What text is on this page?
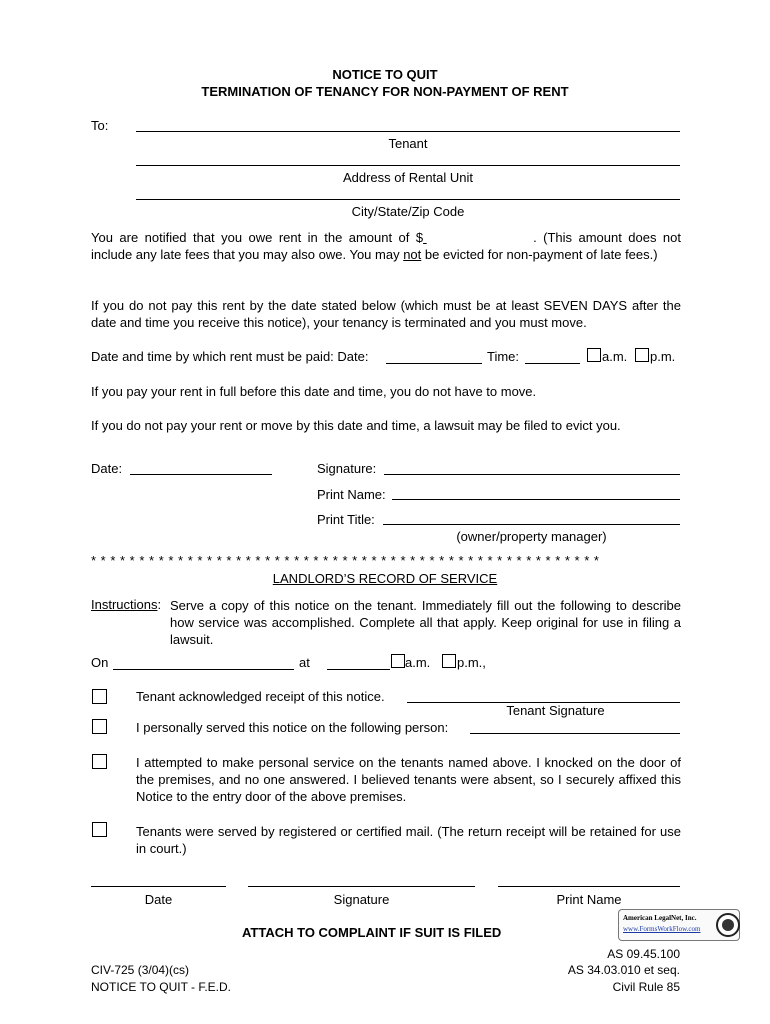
NOTICE TO QUIT
TERMINATION OF TENANCY FOR NON-PAYMENT OF RENT
To:
Tenant
Address of Rental Unit
City/State/Zip Code
You are notified that you owe rent in the amount of $	. (This amount does not include any late fees that you may also owe. You may not be evicted for non-payment of late fees.)
If you do not pay this rent by the date stated below (which must be at least SEVEN DAYS after the date and time you receive this notice), your tenancy is terminated and you must move.
Date and time by which rent must be paid: Date:	Time:	a.m. p.m.
If you pay your rent in full before this date and time, you do not have to move.
If you do not pay your rent or move by this date and time, a lawsuit may be filed to evict you.
Date:	Signature:
Print Name:
Print Title:
(owner/property manager)
* * * * * * * * * * * * * * * * * * * * * * * * * * * * * * * * * * * * * * * * * * * * * * * * * * * * *
LANDLORD’S RECORD OF SERVICE
Instructions: Serve a copy of this notice on the tenant. Immediately fill out the following to describe how service was accomplished. Complete all that apply. Keep original for use in filing a lawsuit.
On	at	a.m. p.m.,
Tenant acknowledged receipt of this notice.
Tenant Signature
I personally served this notice on the following person:
I attempted to make personal service on the tenants named above. I knocked on the door of the premises, and no one answered. I believed tenants were absent, so I securely affixed this Notice to the entry door of the above premises.
Tenants were served by registered or certified mail. (The return receipt will be retained for use in court.)
Date	Signature	Print Name
ATTACH TO COMPLAINT IF SUIT IS FILED
American LegalNet, Inc.
www.FormsWorkFlow.com
CIV-725 (3/04)(cs)
NOTICE TO QUIT - F.E.D.
AS 09.45.100
AS 34.03.010 et seq.
Civil Rule 85
